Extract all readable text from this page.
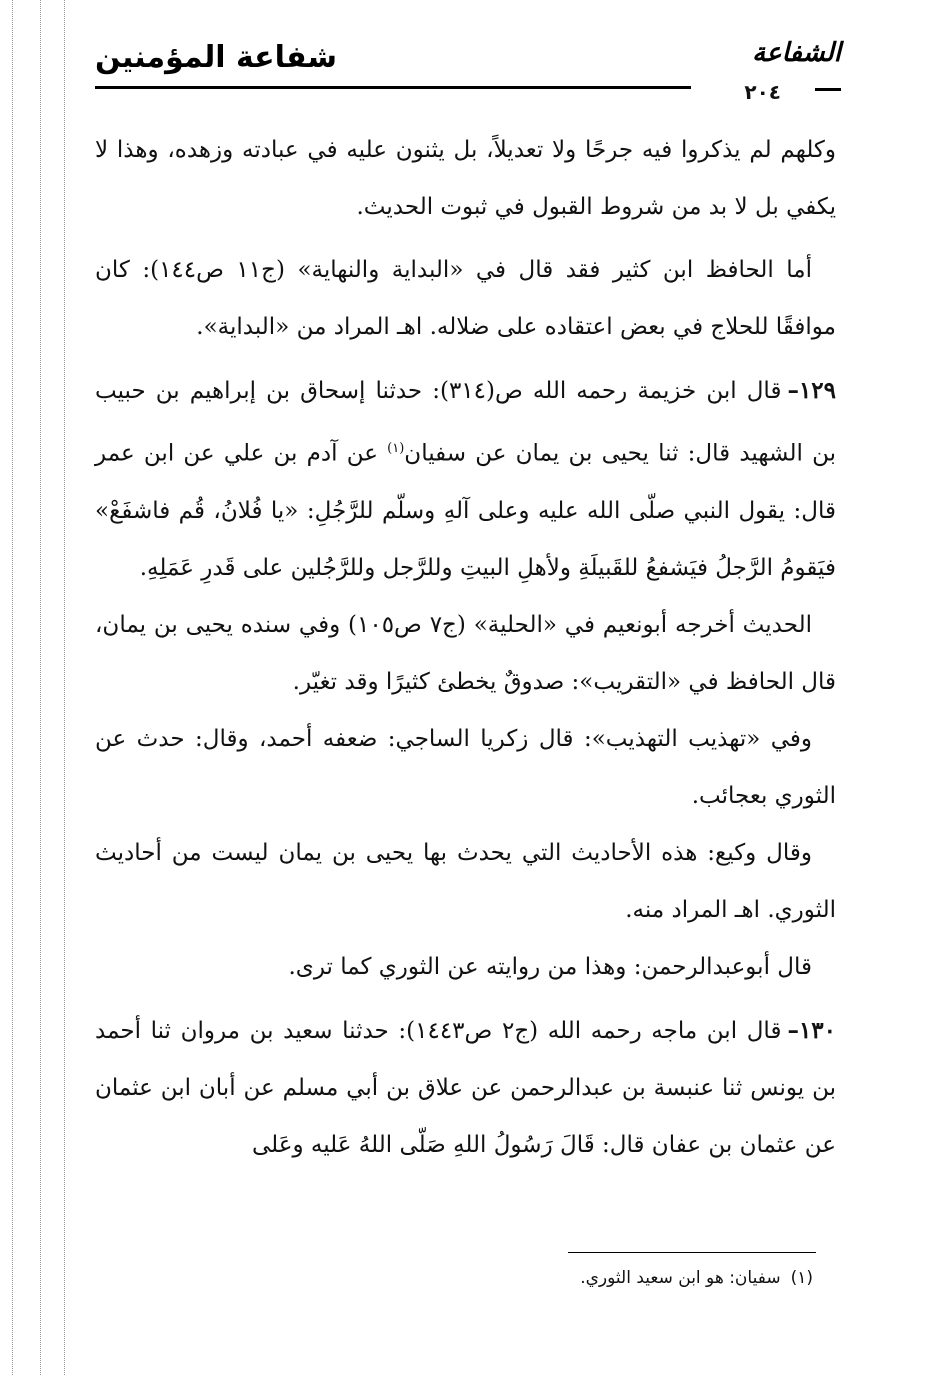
شفاعة المؤمنين	الشفاعة
٢٠٤

وكلهم لم يذكروا فيه جرحًا ولا تعديلاً، بل يثنون عليه في عبادته وزهده، وهذا لا يكفي بل لا بد من شروط القبول في ثبوت الحديث.

أما الحافظ ابن كثير فقد قال في «البداية والنهاية» (ج١١ ص١٤٤): كان موافقًا للحلاج في بعض اعتقاده على ضلاله. اهـ المراد من «البداية».

١٢٩–قال ابن خزيمة رحمه الله ص(٣١٤): حدثنا إسحاق بن إبراهيم بن حبيب بن الشهيد قال: ثنا يحيى بن يمان عن سفيان$^{(١)}$ عن آدم بن علي عن ابن عمر قال: يقول النبي صلّى الله عليه وعلى آلهِ وسلّم للرَّجُلِ: «يا فُلانُ، قُم فاشفَعْ» فيَقومُ الرَّجلُ فيَشفعُ للقَبيلَةِ ولأهلِ البيتِ وللرَّجل وللرَّجُلين على قَدرِ عَمَلِهِ.

الحديث أخرجه أبونعيم في «الحلية» (ج٧ ص١٠٥) وفي سنده يحيى بن يمان، قال الحافظ في «التقريب»: صدوقٌ يخطئ كثيرًا وقد تغيّر.

وفي «تهذيب التهذيب»: قال زكريا الساجي: ضعفه أحمد، وقال: حدث عن الثوري بعجائب.

وقال وكيع: هذه الأحاديث التي يحدث بها يحيى بن يمان ليست من أحاديث الثوري. اهـ المراد منه.

قال أبوعبدالرحمن: وهذا من روايته عن الثوري كما ترى.

١٣٠–قال ابن ماجه رحمه الله (ج٢ ص١٤٤٣): حدثنا سعيد بن مروان ثنا أحمد بن يونس ثنا عنبسة بن عبدالرحمن عن علاق بن أبي مسلم عن أبان ابن عثمان عن عثمان بن عفان قال: قَالَ رَسُولُ اللهِ صَلّى اللهُ عَليه وعَلى

(١)سفيان: هو ابن سعيد الثوري.
